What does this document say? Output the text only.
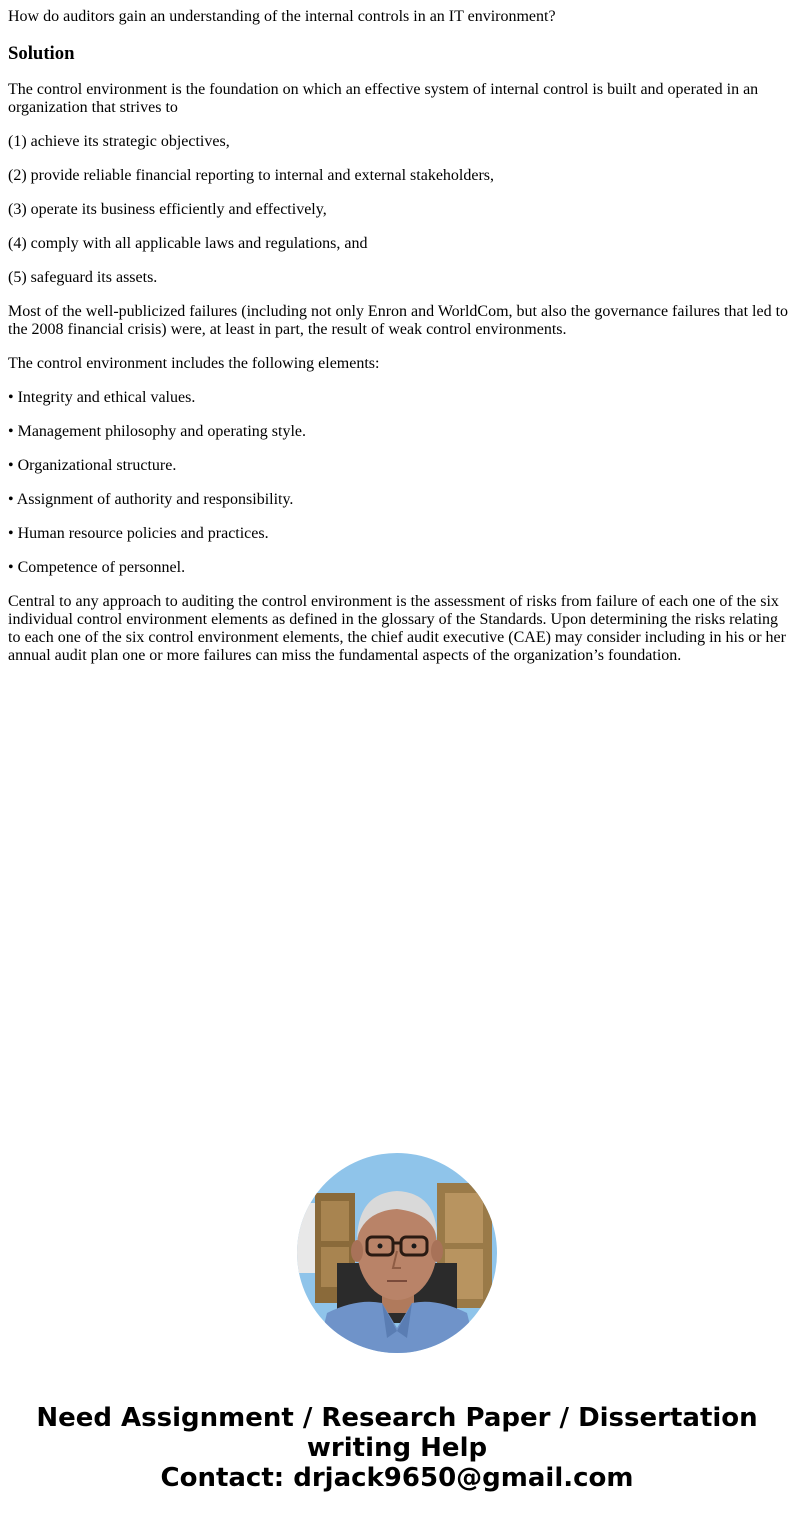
How do auditors gain an understanding of the internal controls in an IT environment?
Solution

The control environment is the foundation on which an effective system of internal control is built and operated in an organization that strives to

(1) achieve its strategic objectives,

(2) provide reliable financial reporting to internal and external stakeholders,

(3) operate its business efficiently and effectively,

(4) comply with all applicable laws and regulations, and

(5) safeguard its assets.

Most of the well-publicized failures (including not only Enron and WorldCom, but also the governance failures that led to the 2008 financial crisis) were, at least in part, the result of weak control environments.

The control environment includes the following elements:

• Integrity and ethical values.

• Management philosophy and operating style.

• Organizational structure.

• Assignment of authority and responsibility.

• Human resource policies and practices.

• Competence of personnel.

Central to any approach to auditing the control environment is the assessment of risks from failure of each one of the six individual control environment elements as defined in the glossary of the Standards. Upon determining the risks relating to each one of the six control environment elements, the chief audit executive (CAE) may consider including in his or her annual audit plan one or more failures can miss the fundamental aspects of the organization’s foundation.

Need Assignment / Research Paper / Dissertation
writing Help
Contact: drjack9650@gmail.com
